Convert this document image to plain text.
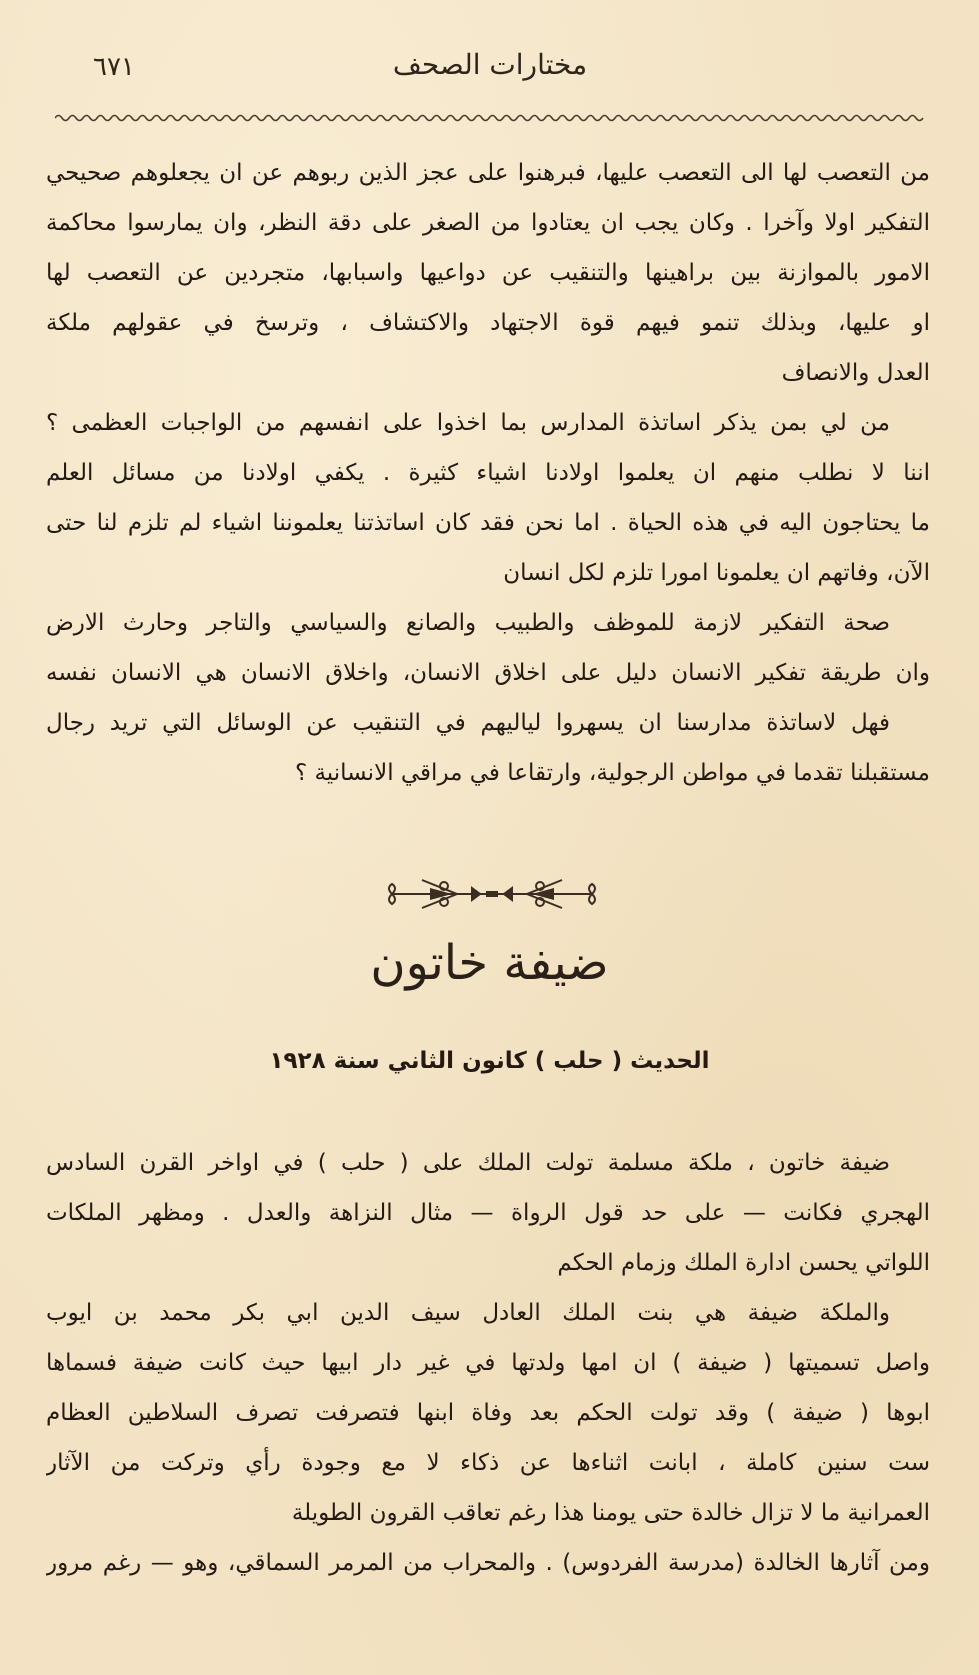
٦٧١	مختارات الصحف
من التعصب لها الى التعصب عليها، فبرهنوا على عجز الذين ربوهم عن ان يجعلوهم صحيحي
التفكير اولا وآخرا . وكان يجب ان يعتادوا من الصغر على دقة النظر، وان يمارسوا محاكمة
الامور بالموازنة بين براهينها والتنقيب عن دواعيها واسبابها، متجردين عن التعصب لها
او عليها، وبذلك تنمو فيهم قوة الاجتهاد والاكتشاف ، وترسخ في عقولهم ملكة
العدل والانصاف
من لي بمن يذكر اساتذة المدارس بما اخذوا على انفسهم من الواجبات العظمى ؟
اننا لا نطلب منهم ان يعلموا اولادنا اشياء كثيرة . يكفي اولادنا من مسائل العلم
ما يحتاجون اليه في هذه الحياة . اما نحن فقد كان اساتذتنا يعلموننا اشياء لم تلزم لنا حتى
الآن، وفاتهم ان يعلمونا امورا تلزم لكل انسان
صحة التفكير لازمة للموظف والطبيب والصانع والسياسي والتاجر وحارث الارض
وان طريقة تفكير الانسان دليل على اخلاق الانسان، واخلاق الانسان هي الانسان نفسه
فهل لاساتذة مدارسنا ان يسهروا لياليهم في التنقيب عن الوسائل التي تريد رجال
مستقبلنا تقدما في مواطن الرجولية، وارتقاعا في مراقي الانسانية ؟
ضيفة خاتون
الحديث ( حلب ) كانون الثاني سنة ١٩٢٨
ضيفة خاتون ، ملكة مسلمة تولت الملك على ( حلب ) في اواخر القرن السادس
الهجري فكانت — على حد قول الرواة — مثال النزاهة والعدل . ومظهر الملكات
اللواتي يحسن ادارة الملك وزمام الحكم
والملكة ضيفة هي بنت الملك العادل سيف الدين ابي بكر محمد بن ايوب
واصل تسميتها ( ضيفة ) ان امها ولدتها في غير دار ابيها حيث كانت ضيفة فسماها
ابوها ( ضيفة ) وقد تولت الحكم بعد وفاة ابنها فتصرفت تصرف السلاطين العظام
ست سنين كاملة ، ابانت اثناءها عن ذكاء لا مع وجودة رأي وتركت من الآثار
العمرانية ما لا تزال خالدة حتى يومنا هذا رغم تعاقب القرون الطويلة
ومن آثارها الخالدة (مدرسة الفردوس) . والمحراب من المرمر السماقي، وهو — رغم مرور
